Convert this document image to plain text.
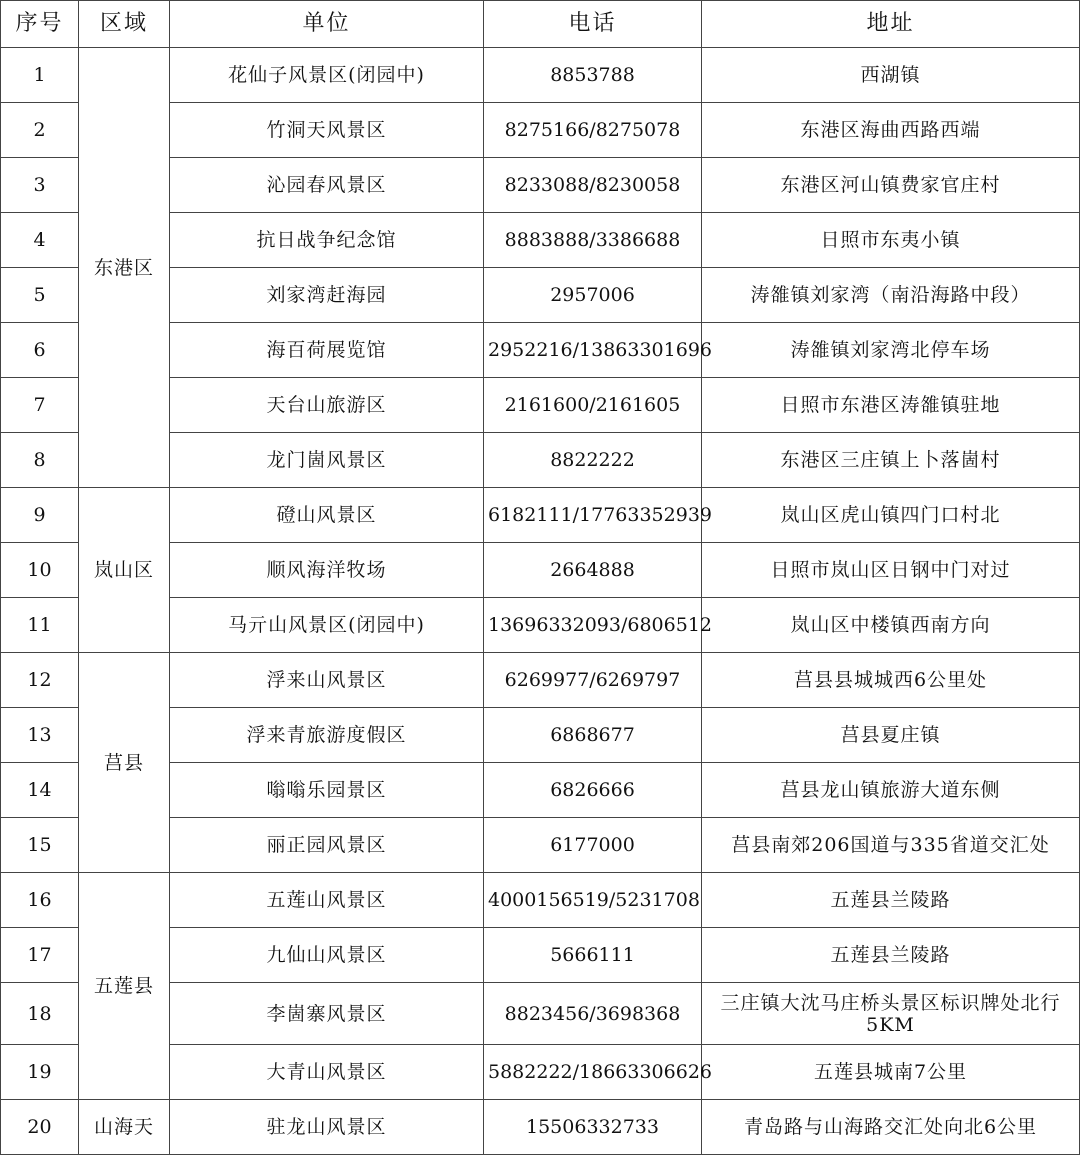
序号	区域	单位	电话	地址
1	东港区	花仙子风景区(闭园中)	8853788	西湖镇
2		竹洞天风景区	8275166/8275078	东港区海曲西路西端
3		沁园春风景区	8233088/8230058	东港区河山镇费家官庄村
4		抗日战争纪念馆	8883888/3386688	日照市东夷小镇
5		刘家湾赶海园	2957006	涛雒镇刘家湾（南沿海路中段）
6		海百荷展览馆	2952216/13863301696	涛雒镇刘家湾北停车场
7		天台山旅游区	2161600/2161605	日照市东港区涛雒镇驻地
8		龙门崮风景区	8822222	东港区三庄镇上卜落崮村
9	岚山区	磴山风景区	6182111/17763352939	岚山区虎山镇四门口村北
10		顺风海洋牧场	2664888	日照市岚山区日钢中门对过
11		马亓山风景区(闭园中)	13696332093/6806512	岚山区中楼镇西南方向
12	莒县	浮来山风景区	6269977/6269797	莒县县城城西6公里处
13		浮来青旅游度假区	6868677	莒县夏庄镇
14		嗡嗡乐园景区	6826666	莒县龙山镇旅游大道东侧
15		丽正园风景区	6177000	莒县南郊206国道与335省道交汇处
16	五莲县	五莲山风景区	4000156519/5231708	五莲县兰陵路
17		九仙山风景区	5666111	五莲县兰陵路
18		李崮寨风景区	8823456/3698368	三庄镇大沈马庄桥头景区标识牌处北行5KM
19		大青山风景区	5882222/18663306626	五莲县城南7公里
20	山海天	驻龙山风景区	15506332733	青岛路与山海路交汇处向北6公里
